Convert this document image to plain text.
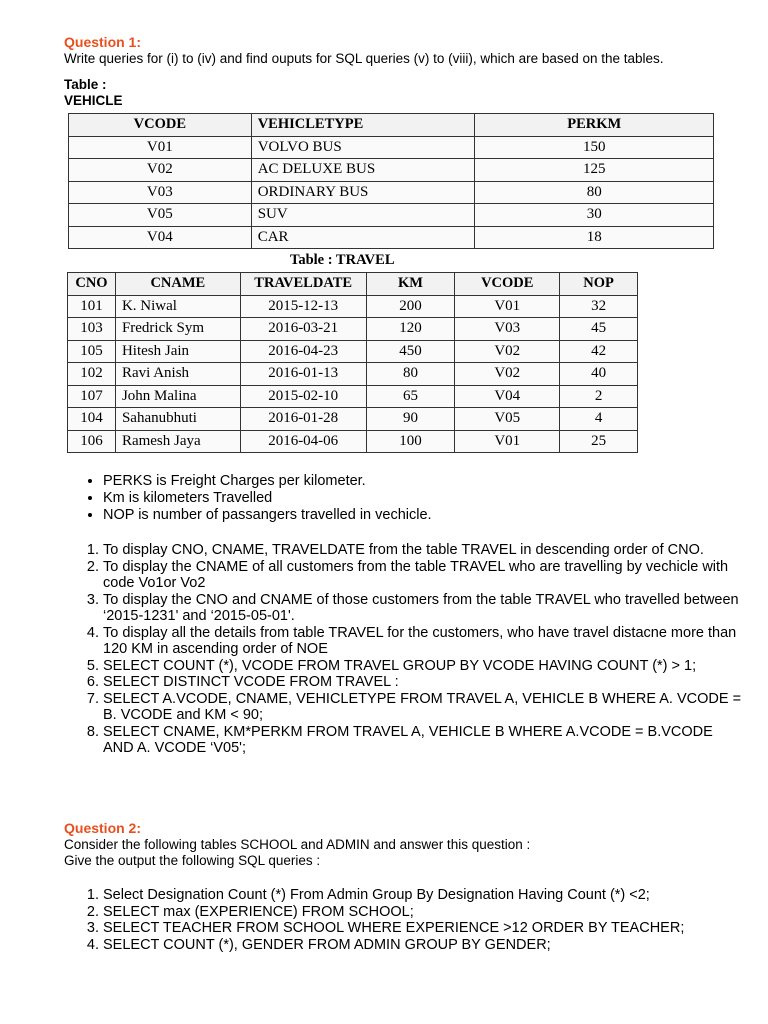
Question 1:
Write queries for (i) to (iv) and find ouputs for SQL queries (v) to (viii), which are based on the tables.
Table :
VEHICLE
VCODE	VEHICLETYPE	PERKM
V01	VOLVO BUS	150
V02	AC DELUXE BUS	125
V03	ORDINARY BUS	80
V05	SUV	30
V04	CAR	18
Table : TRAVEL
CNO	CNAME	TRAVELDATE	KM	VCODE	NOP
101	K. Niwal	2015-12-13	200	V01	32
103	Fredrick Sym	2016-03-21	120	V03	45
105	Hitesh Jain	2016-04-23	450	V02	42
102	Ravi Anish	2016-01-13	80	V02	40
107	John Malina	2015-02-10	65	V04	2
104	Sahanubhuti	2016-01-28	90	V05	4
106	Ramesh Jaya	2016-04-06	100	V01	25
• PERKS is Freight Charges per kilometer.
• Km is kilometers Travelled
• NOP is number of passangers travelled in vechicle.
1. To display CNO, CNAME, TRAVELDATE from the table TRAVEL in descending order of CNO.
2. To display the CNAME of all customers from the table TRAVEL who are travelling by vechicle with code Vo1or Vo2
3. To display the CNO and CNAME of those customers from the table TRAVEL who travelled between ‘2015-1231' and ‘2015-05-01'.
4. To display all the details from table TRAVEL for the customers, who have travel distacne more than 120 KM in ascending order of NOE
5. SELECT COUNT (*), VCODE FROM TRAVEL GROUP BY VCODE HAVING COUNT (*) > 1;
6. SELECT DISTINCT VCODE FROM TRAVEL :
7. SELECT A.VCODE, CNAME, VEHICLETYPE FROM TRAVEL A, VEHICLE B WHERE A. VCODE = B. VCODE and KM < 90;
8. SELECT CNAME, KM*PERKM FROM TRAVEL A, VEHICLE B WHERE A.VCODE = B.VCODE AND A. VCODE ‘V05';
Question 2:
Consider the following tables SCHOOL and ADMIN and answer this question :
Give the output the following SQL queries :
1. Select Designation Count (*) From Admin Group By Designation Having Count (*) <2;
2. SELECT max (EXPERIENCE) FROM SCHOOL;
3. SELECT TEACHER FROM SCHOOL WHERE EXPERIENCE >12 ORDER BY TEACHER;
4. SELECT COUNT (*), GENDER FROM ADMIN GROUP BY GENDER;
